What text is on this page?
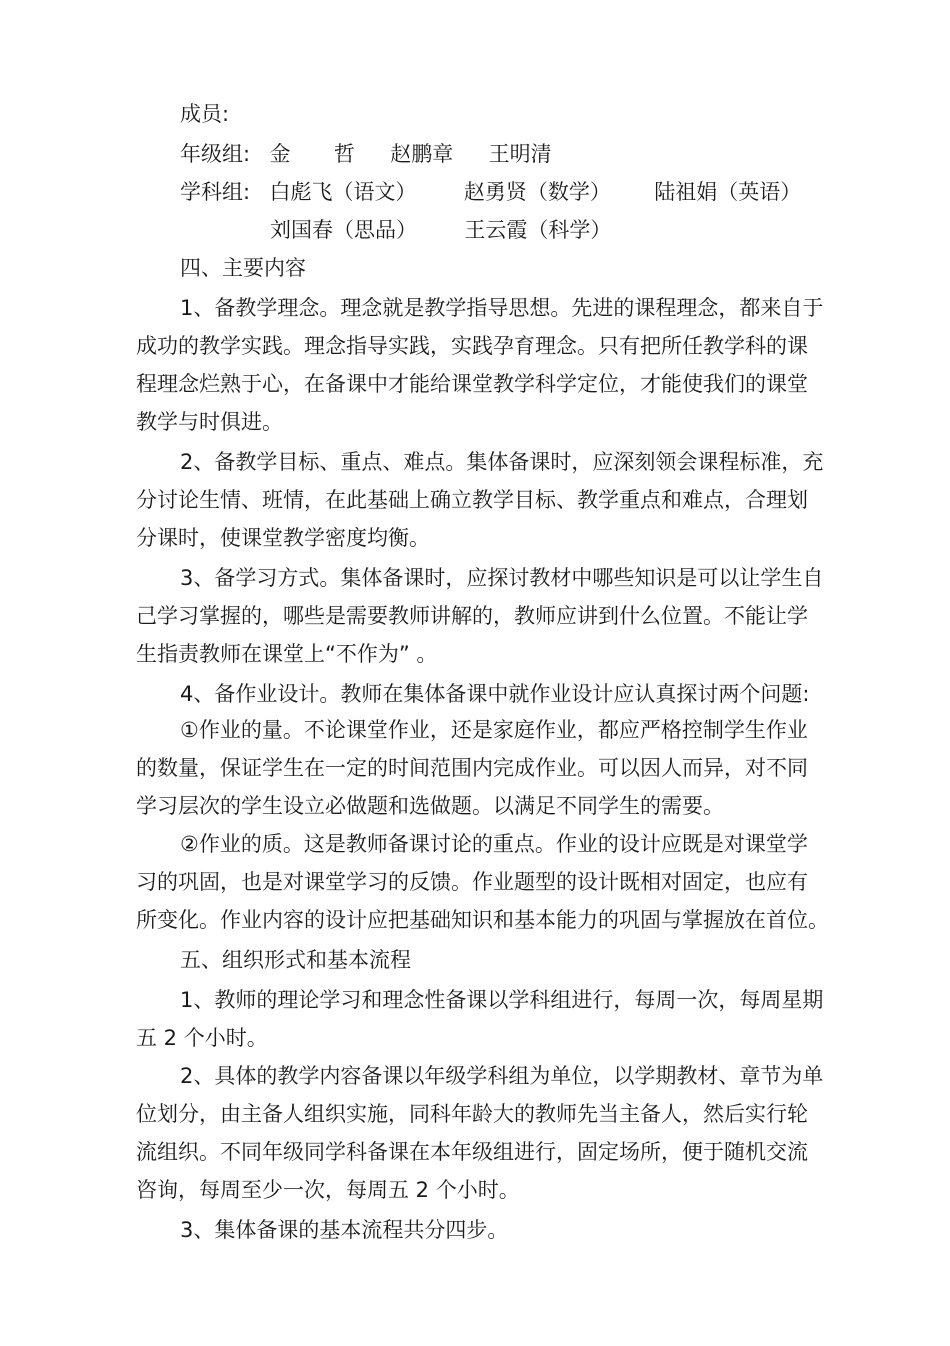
成员:
年级组: 金 哲 赵鹏章 王明清
学科组: 白彪飞（语文） 赵勇贤（数学） 陆祖娟（英语）
刘国春（思品） 王云霞（科学）
四、主要内容
1、备教学理念。理念就是教学指导思想。先进的课程理念，都来自于
成功的教学实践。理念指导实践，实践孕育理念。只有把所任教学科的课
程理念烂熟于心，在备课中才能给课堂教学科学定位，才能使我们的课堂
教学与时俱进。
2、备教学目标、重点、难点。集体备课时，应深刻领会课程标准，充
分讨论生情、班情，在此基础上确立教学目标、教学重点和难点，合理划
分课时，使课堂教学密度均衡。
3、备学习方式。集体备课时，应探讨教材中哪些知识是可以让学生自
己学习掌握的，哪些是需要教师讲解的，教师应讲到什么位置。不能让学
生指责教师在课堂上“不作为” 。
4、备作业设计。教师在集体备课中就作业设计应认真探讨两个问题:
①作业的量。不论课堂作业，还是家庭作业，都应严格控制学生作业
的数量，保证学生在一定的时间范围内完成作业。可以因人而异，对不同
学习层次的学生设立必做题和选做题。以满足不同学生的需要。
②作业的质。这是教师备课讨论的重点。作业的设计应既是对课堂学
习的巩固，也是对课堂学习的反馈。作业题型的设计既相对固定，也应有
所变化。作业内容的设计应把基础知识和基本能力的巩固与掌握放在首位。
五、组织形式和基本流程
1、教师的理论学习和理念性备课以学科组进行，每周一次，每周星期
五 2 个小时。
2、具体的教学内容备课以年级学科组为单位，以学期教材、章节为单
位划分，由主备人组织实施，同科年龄大的教师先当主备人，然后实行轮
流组织。不同年级同学科备课在本年级组进行，固定场所，便于随机交流
咨询，每周至少一次，每周五 2 个小时。
3、集体备课的基本流程共分四步。
